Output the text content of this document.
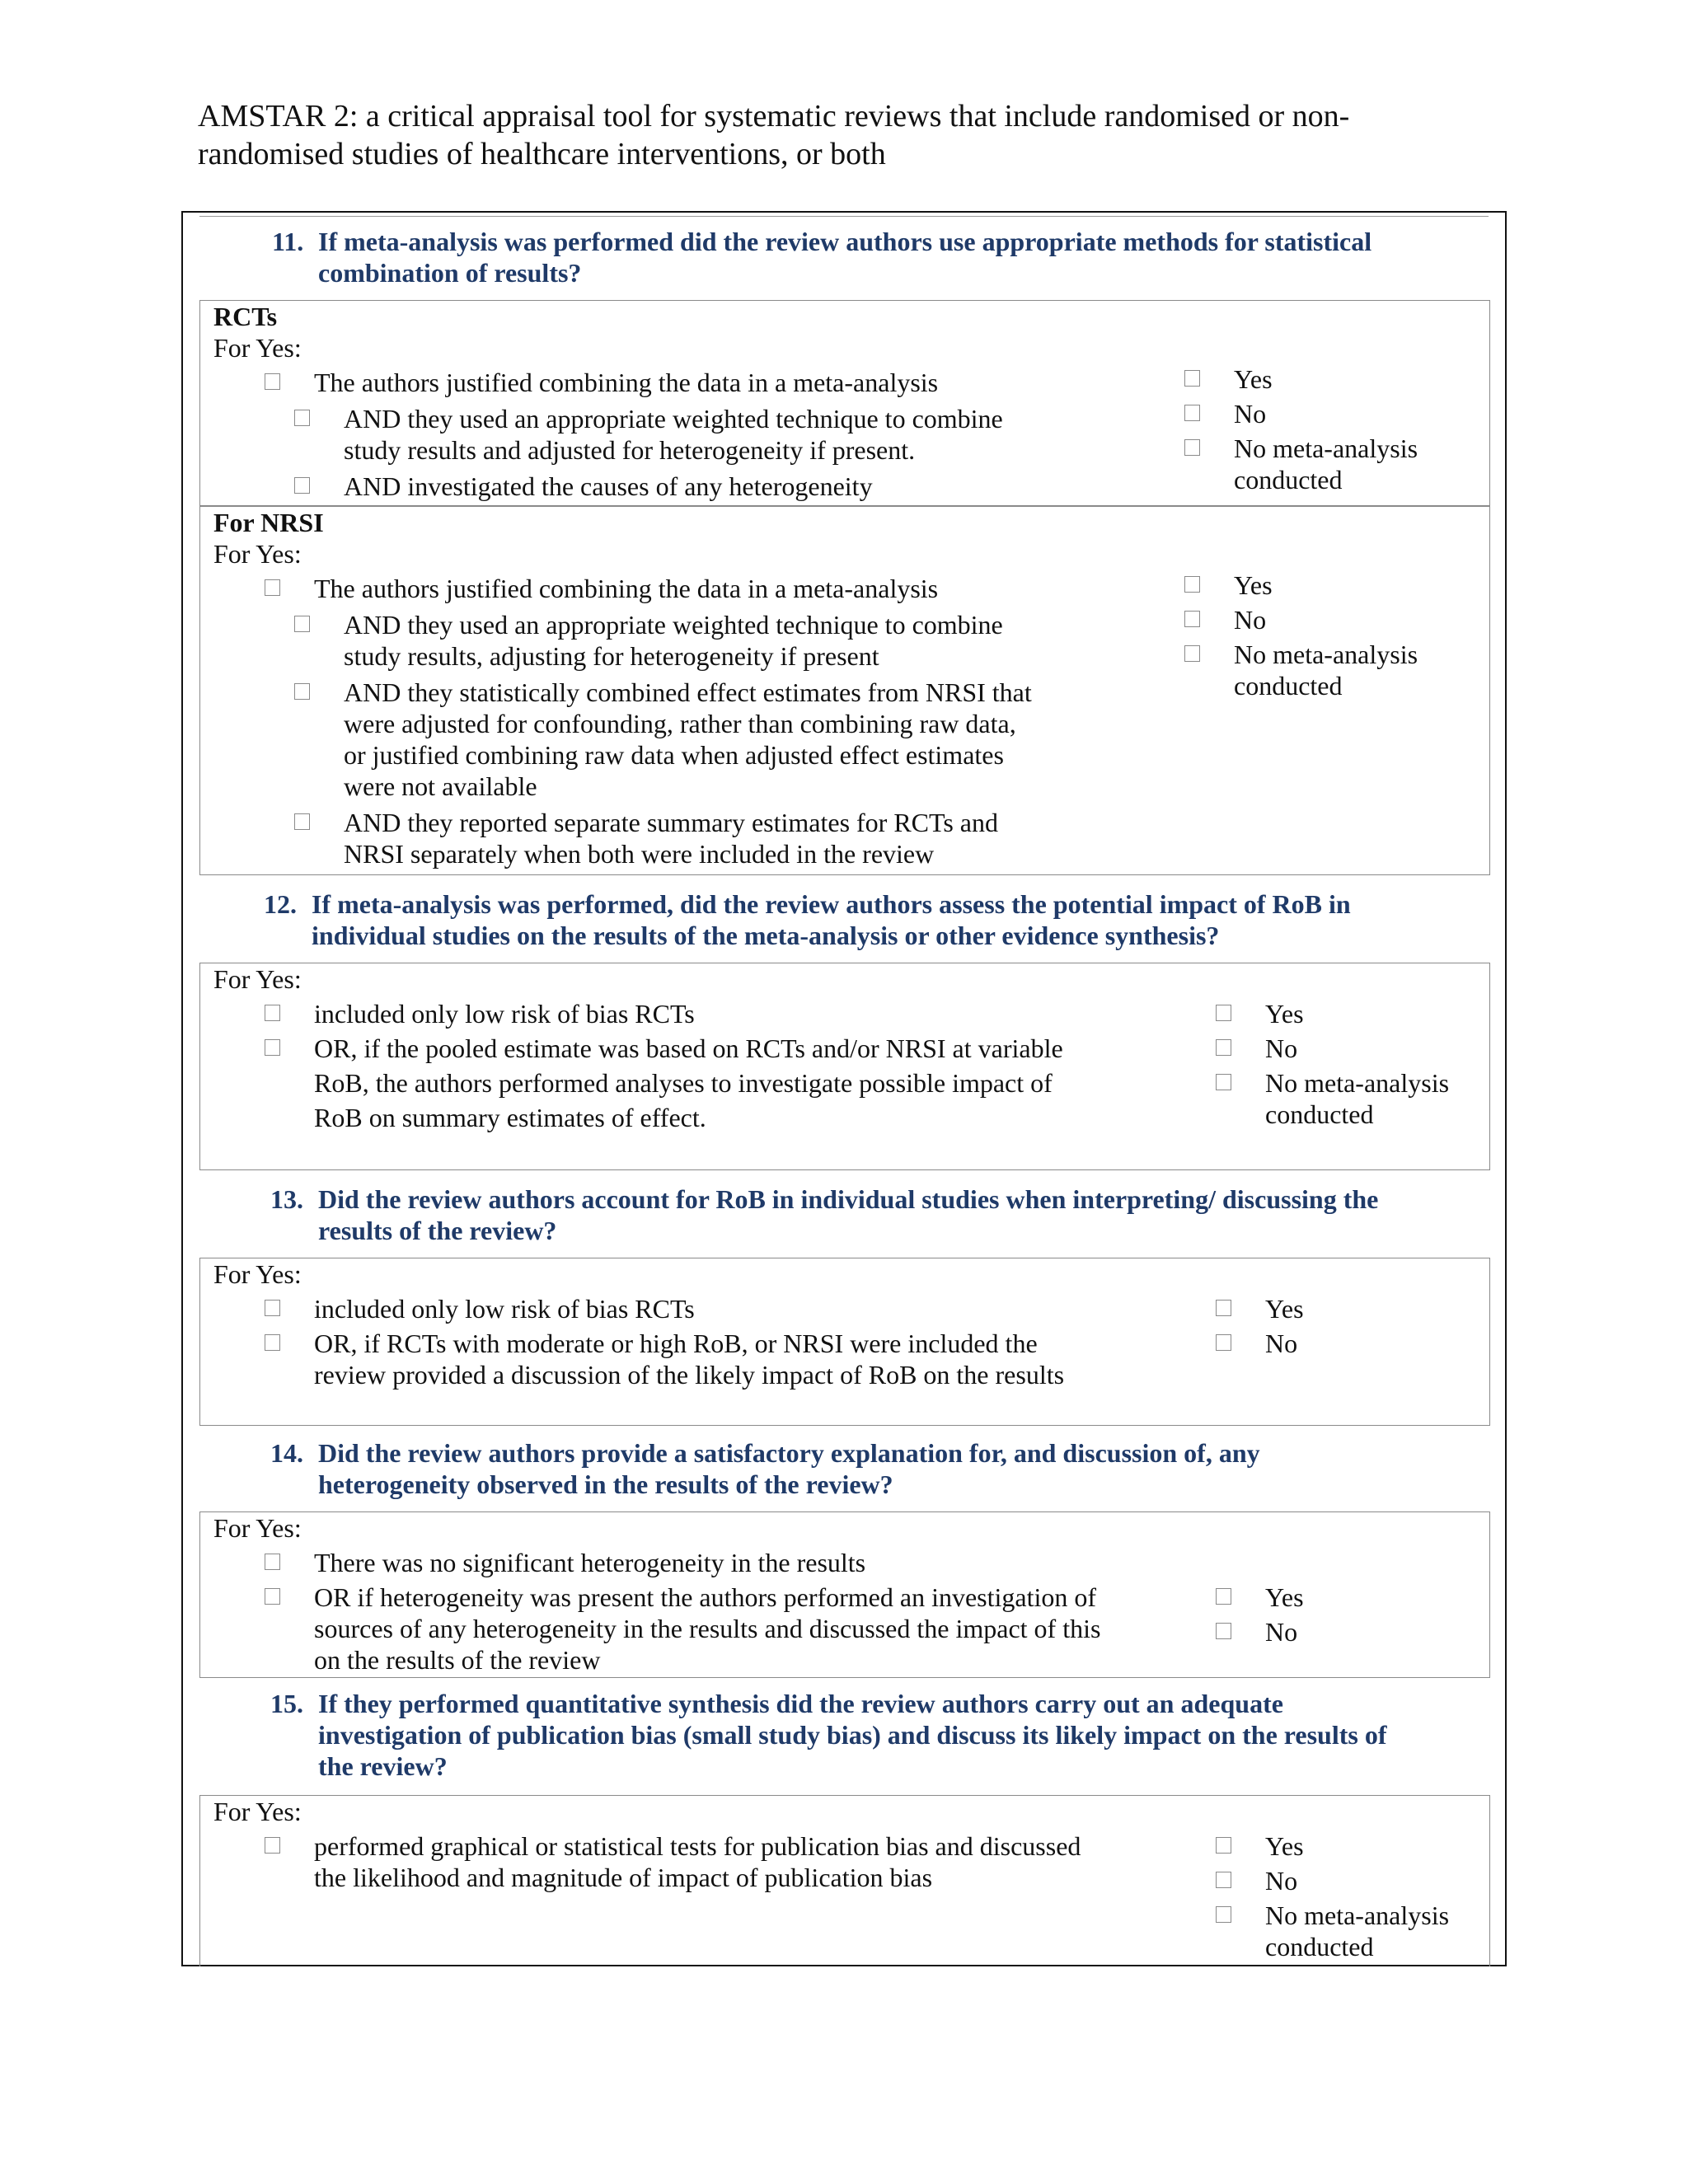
AMSTAR 2: a critical appraisal tool for systematic reviews that include randomised or non-
randomised studies of healthcare interventions, or both
11. If meta-analysis was performed did the review authors use appropriate methods for statistical
combination of results?
RCTs
For Yes:
The authors justified combining the data in a meta-analysis
AND they used an appropriate weighted technique to combine
study results and adjusted for heterogeneity if present.
AND investigated the causes of any heterogeneity
Yes
No
No meta-analysis
conducted
For NRSI
For Yes:
The authors justified combining the data in a meta-analysis
AND they used an appropriate weighted technique to combine
study results, adjusting for heterogeneity if present
AND they statistically combined effect estimates from NRSI that
were adjusted for confounding, rather than combining raw data,
or justified combining raw data when adjusted effect estimates
were not available
AND they reported separate summary estimates for RCTs and
NRSI separately when both were included in the review
Yes
No
No meta-analysis
conducted
12. If meta-analysis was performed, did the review authors assess the potential impact of RoB in
individual studies on the results of the meta-analysis or other evidence synthesis?
For Yes:
included only low risk of bias RCTs
OR, if the pooled estimate was based on RCTs and/or NRSI at variable
RoB, the authors performed analyses to investigate possible impact of
RoB on summary estimates of effect.
Yes
No
No meta-analysis
conducted
13. Did the review authors account for RoB in individual studies when interpreting/ discussing the
results of the review?
For Yes:
included only low risk of bias RCTs
OR, if RCTs with moderate or high RoB, or NRSI were included the
review provided a discussion of the likely impact of RoB on the results
Yes
No
14. Did the review authors provide a satisfactory explanation for, and discussion of, any
heterogeneity observed in the results of the review?
For Yes:
There was no significant heterogeneity in the results
OR if heterogeneity was present the authors performed an investigation of
sources of any heterogeneity in the results and discussed the impact of this
on the results of the review
Yes
No
15. If they performed quantitative synthesis did the review authors carry out an adequate
investigation of publication bias (small study bias) and discuss its likely impact on the results of
the review?
For Yes:
performed graphical or statistical tests for publication bias and discussed
the likelihood and magnitude of impact of publication bias
Yes
No
No meta-analysis
conducted
